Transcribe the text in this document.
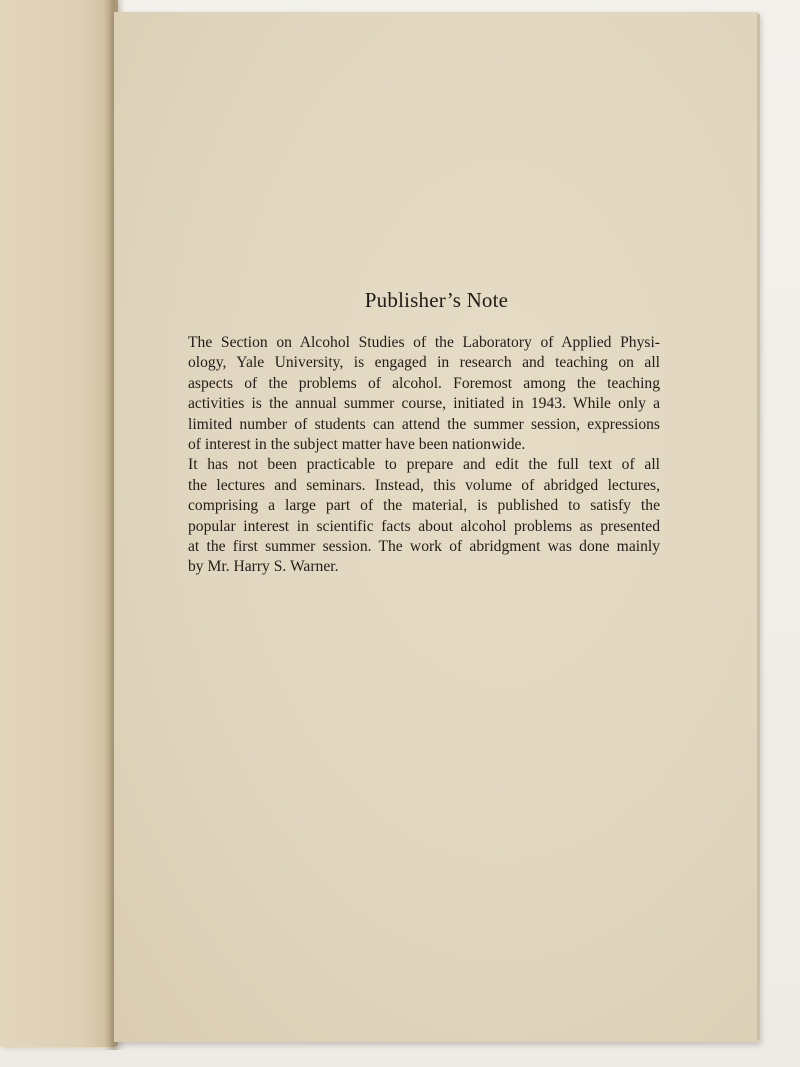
Publisher’s Note

The Section on Alcohol Studies of the Laboratory of Applied Physi-
ology, Yale University, is engaged in research and teaching on all
aspects of the problems of alcohol. Foremost among the teaching
activities is the annual summer course, initiated in 1943. While only a
limited number of students can attend the summer session, expressions
of interest in the subject matter have been nationwide.

It has not been practicable to prepare and edit the full text of all
the lectures and seminars. Instead, this volume of abridged lectures,
comprising a large part of the material, is published to satisfy the
popular interest in scientific facts about alcohol problems as presented
at the first summer session. The work of abridgment was done mainly
by Mr. Harry S. Warner.
